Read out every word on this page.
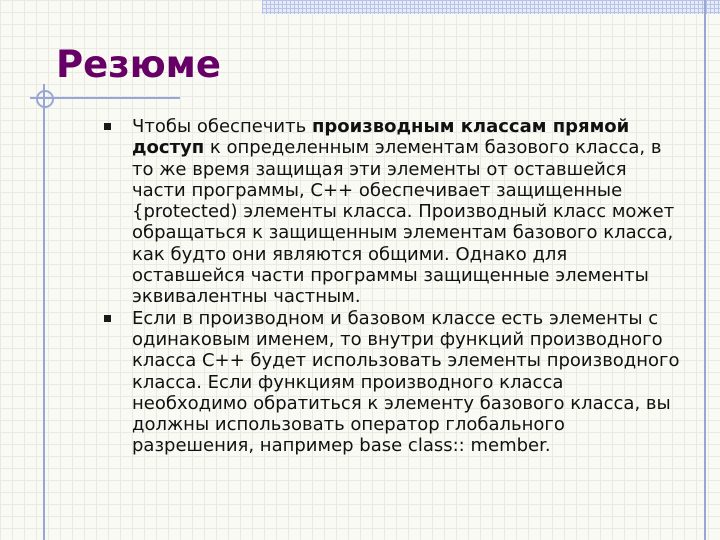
Резюме
Чтобы обеспечить производным классам прямой доступ к определенным элементам базового класса, в то же время защищая эти элементы от оставшейся части программы, С++ обеспечивает защищенные {protected) элементы класса. Производный класс может обращаться к защищенным элементам базового класса, как будто они являются общими. Однако для оставшейся части программы защищенные элементы эквивалентны частным.
Если в производном и базовом классе есть элементы с одинаковым именем, то внутри функций производного класса С++ будет использовать элементы производного класса. Если функциям производного класса необходимо обратиться к элементу базового класса, вы должны использовать оператор глобального разрешения, например base class:: member.
